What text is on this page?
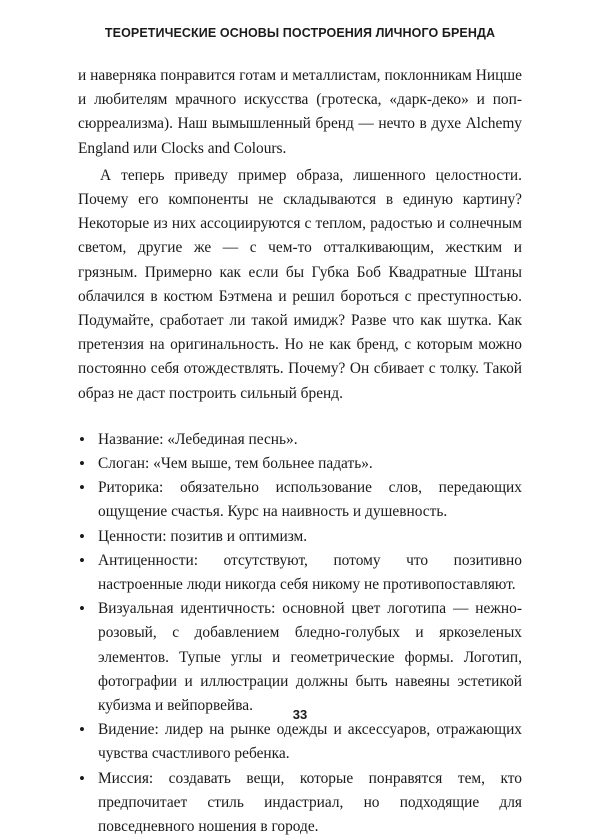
ТЕОРЕТИЧЕСКИЕ ОСНОВЫ ПОСТРОЕНИЯ ЛИЧНОГО БРЕНДА

и наверняка понравится готам и металлистам, поклонникам Ницше и любителям мрачного искусства (гротеска, «дарк-деко» и поп-сюрреализма). Наш вымышленный бренд — нечто в духе Alchemy England или Clocks and Colours.

А теперь приведу пример образа, лишенного целостности. Почему его компоненты не складываются в единую картину? Некоторые из них ассоциируются с теплом, радостью и солнечным светом, другие же — с чем-то отталкивающим, жестким и грязным. Примерно как если бы Губка Боб Квадратные Штаны облачился в костюм Бэтмена и решил бороться с преступностью. Подумайте, сработает ли такой имидж? Разве что как шутка. Как претензия на оригинальность. Но не как бренд, с которым можно постоянно себя отождествлять. Почему? Он сбивает с толку. Такой образ не даст построить сильный бренд.

• Название: «Лебединая песнь».
• Слоган: «Чем выше, тем больнее падать».
• Риторика: обязательно использование слов, передающих ощущение счастья. Курс на наивность и душевность.
• Ценности: позитив и оптимизм.
• Антиценности: отсутствуют, потому что позитивно настроенные люди никогда себя никому не противопоставляют.
• Визуальная идентичность: основной цвет логотипа — нежно-розовый, с добавлением бледно-голубых и яркозеленых элементов. Тупые углы и геометрические формы. Логотип, фотографии и иллюстрации должны быть навеяны эстетикой кубизма и вейпорвейва.
• Видение: лидер на рынке одежды и аксессуаров, отражающих чувства счастливого ребенка.
• Миссия: создавать вещи, которые понравятся тем, кто предпочитает стиль индастриал, но подходящие для повседневного ношения в городе.
33
